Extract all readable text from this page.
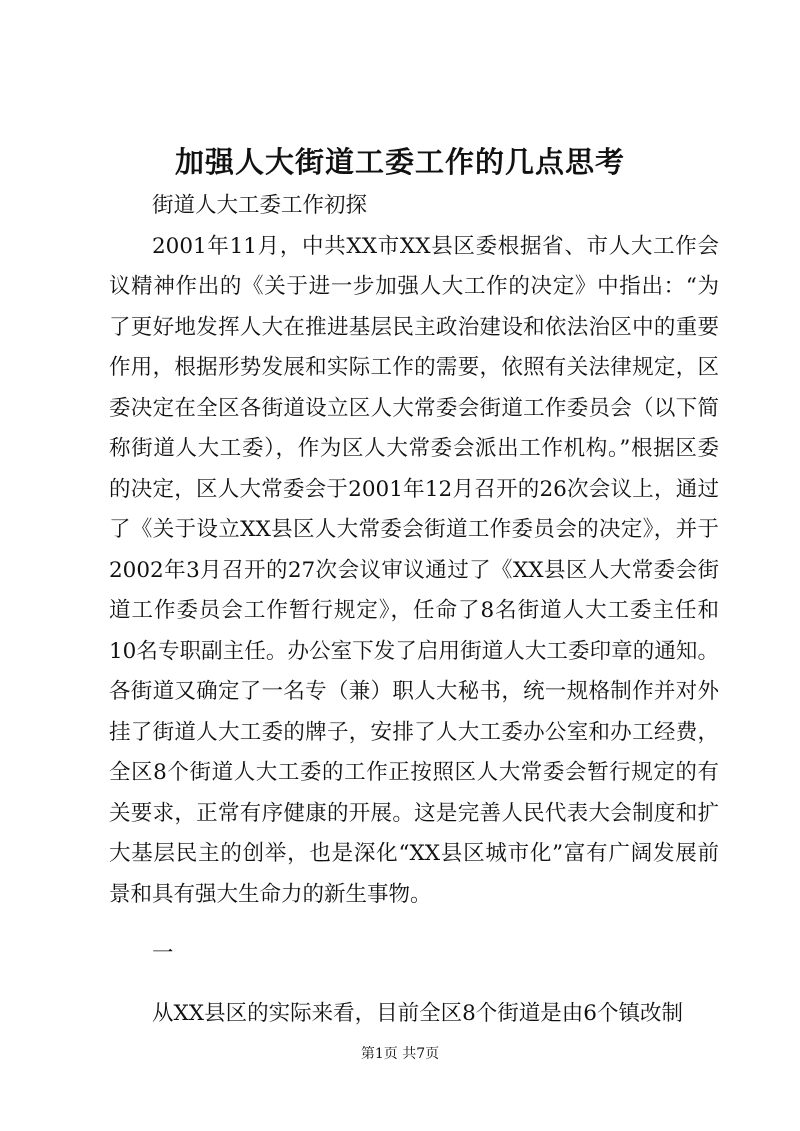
加强人大街道工委工作的几点思考

街道人大工委工作初探

2001年11月，中共XX市XX县区委根据省、市人大工作会议精神作出的《关于进一步加强人大工作的决定》中指出：“为了更好地发挥人大在推进基层民主政治建设和依法治区中的重要作用，根据形势发展和实际工作的需要，依照有关法律规定，区委决定在全区各街道设立区人大常委会街道工作委员会（以下简称街道人大工委），作为区人大常委会派出工作机构。”根据区委的决定，区人大常委会于2001年12月召开的26次会议上，通过了《关于设立XX县区人大常委会街道工作委员会的决定》，并于2002年3月召开的27次会议审议通过了《XX县区人大常委会街道工作委员会工作暂行规定》，任命了8名街道人大工委主任和10名专职副主任。办公室下发了启用街道人大工委印章的通知。各街道又确定了一名专（兼）职人大秘书，统一规格制作并对外挂了街道人大工委的牌子，安排了人大工委办公室和办工经费，全区8个街道人大工委的工作正按照区人大常委会暂行规定的有关要求，正常有序健康的开展。这是完善人民代表大会制度和扩大基层民主的创举，也是深化“XX县区城市化”富有广阔发展前景和具有强大生命力的新生事物。

一

从XX县区的实际来看，目前全区8个街道是由6个镇改制

第1页 共7页
